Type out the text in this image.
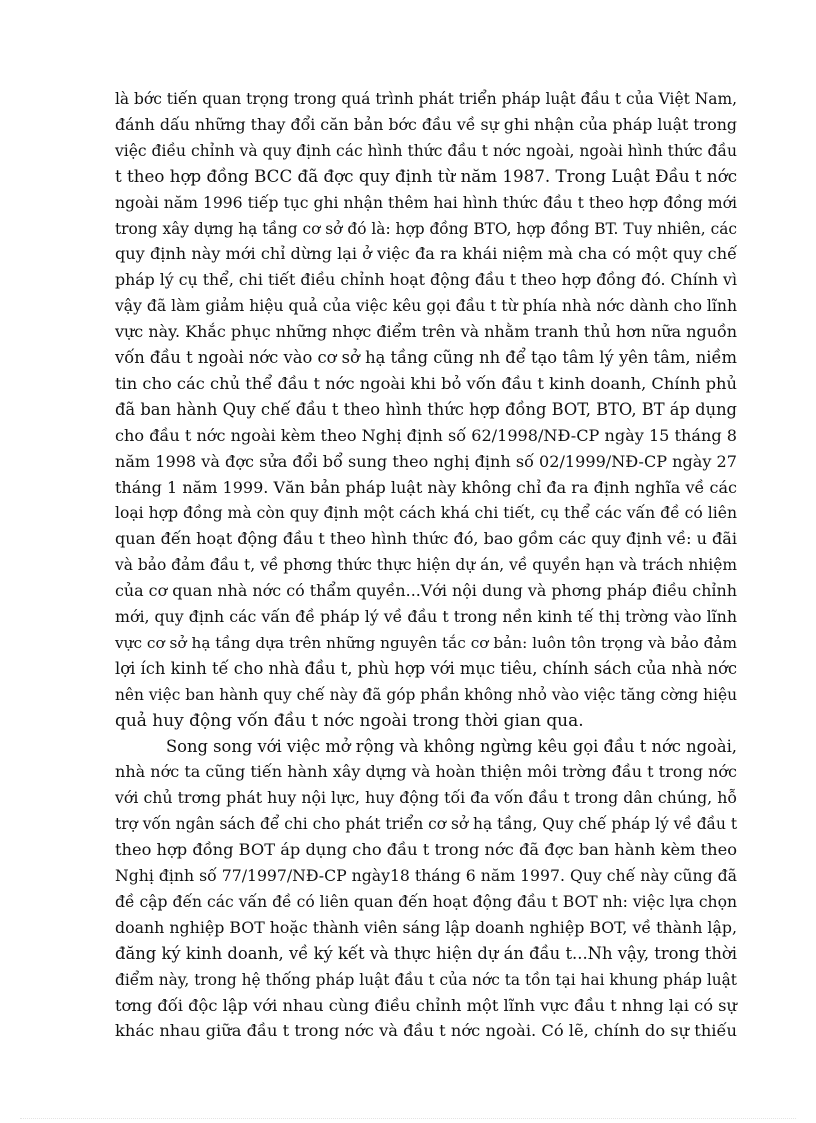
là bớc tiến quan trọng trong quá trình phát triển pháp luật đầu t của Việt Nam,
đánh dấu những thay đổi căn bản bớc đầu về sự ghi nhận của pháp luật trong
việc điều chỉnh và quy định các hình thức đầu t nớc ngoài, ngoài hình thức đầu
t theo hợp đồng BCC đã đợc quy định từ năm 1987. Trong Luật Đầu t nớc
ngoài năm 1996 tiếp tục ghi nhận thêm hai hình thức đầu t theo hợp đồng mới
trong xây dựng hạ tầng cơ sở đó là: hợp đồng BTO, hợp đồng BT. Tuy nhiên, các
quy định này mới chỉ dừng lại ở việc đa ra khái niệm mà cha có một quy chế
pháp lý cụ thể, chi tiết điều chỉnh hoạt động đầu t theo hợp đồng đó. Chính vì
vậy đã làm giảm hiệu quả của việc kêu gọi đầu t từ phía nhà nớc dành cho lĩnh
vực này. Khắc phục những nhợc điểm trên và nhằm tranh thủ hơn nữa nguồn
vốn đầu t ngoài nớc vào cơ sở hạ tầng cũng nh để tạo tâm lý yên tâm, niềm
tin cho các chủ thể đầu t nớc ngoài khi bỏ vốn đầu t kinh doanh, Chính phủ
đã ban hành Quy chế đầu t theo hình thức hợp đồng BOT, BTO, BT áp dụng
cho đầu t nớc ngoài kèm theo Nghị định số 62/1998/NĐ-CP ngày 15 tháng 8
năm 1998 và đợc sửa đổi bổ sung theo nghị định số 02/1999/NĐ-CP ngày 27
tháng 1 năm 1999. Văn bản pháp luật này không chỉ đa ra định nghĩa về các
loại hợp đồng mà còn quy định một cách khá chi tiết, cụ thể các vấn đề có liên
quan đến hoạt động đầu t theo hình thức đó, bao gồm các quy định về: u đãi
và bảo đảm đầu t, về phơng thức thực hiện dự án, về quyền hạn và trách nhiệm
của cơ quan nhà nớc có thẩm quyền...Với nội dung và phơng pháp điều chỉnh
mới, quy định các vấn đề pháp lý về đầu t trong nền kinh tế thị trờng vào lĩnh
vực cơ sở hạ tầng dựa trên những nguyên tắc cơ bản: luôn tôn trọng và bảo đảm
lợi ích kinh tế cho nhà đầu t, phù hợp với mục tiêu, chính sách của nhà nớc
nên việc ban hành quy chế này đã góp phần không nhỏ vào việc tăng cờng hiệu
quả huy động vốn đầu t nớc ngoài trong thời gian qua.
Song song với việc mở rộng và không ngừng kêu gọi đầu t nớc ngoài,
nhà nớc ta cũng tiến hành xây dựng và hoàn thiện môi trờng đầu t trong nớc
với chủ trơng phát huy nội lực, huy động tối đa vốn đầu t trong dân chúng, hỗ
trợ vốn ngân sách để chi cho phát triển cơ sở hạ tầng, Quy chế pháp lý về đầu t
theo hợp đồng BOT áp dụng cho đầu t trong nớc đã đợc ban hành kèm theo
Nghị định số 77/1997/NĐ-CP ngày18 tháng 6 năm 1997. Quy chế này cũng đã
đề cập đến các vấn đề có liên quan đến hoạt động đầu t BOT nh: việc lựa chọn
doanh nghiệp BOT hoặc thành viên sáng lập doanh nghiệp BOT, về thành lập,
đăng ký kinh doanh, về ký kết và thực hiện dự án đầu t...Nh vậy, trong thời
điểm này, trong hệ thống pháp luật đầu t của nớc ta tồn tại hai khung pháp luật
tơng đối độc lập với nhau cùng điều chỉnh một lĩnh vực đầu t nhng lại có sự
khác nhau giữa đầu t trong nớc và đầu t nớc ngoài. Có lẽ, chính do sự thiếu
